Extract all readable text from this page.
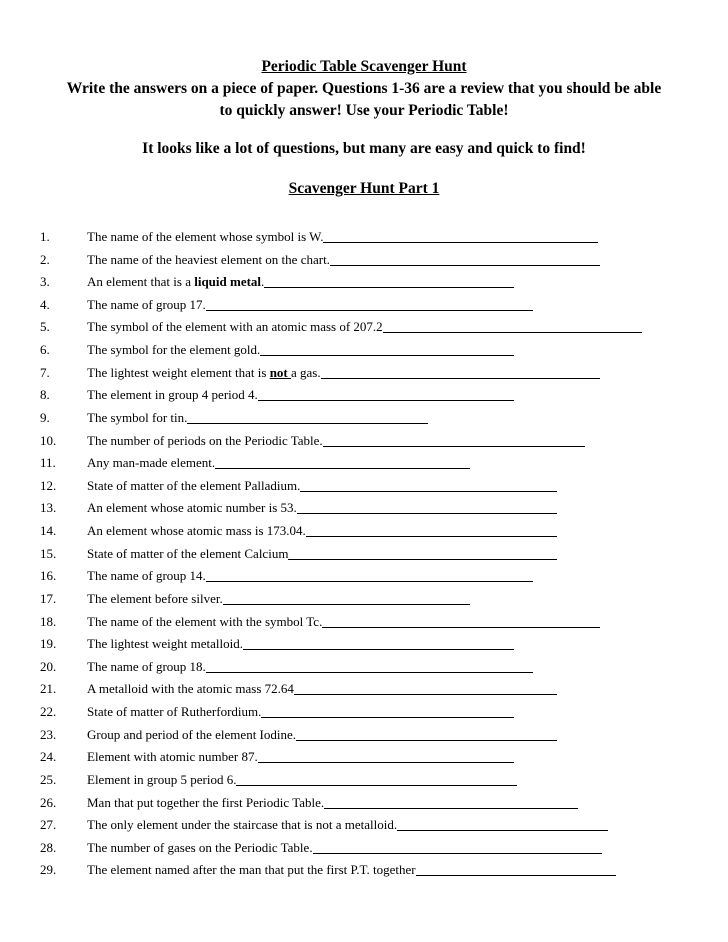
Periodic Table Scavenger Hunt
Write the answers on a piece of paper. Questions 1-36 are a review that you should be able
to quickly answer! Use your Periodic Table!
It looks like a lot of questions, but many are easy and quick to find!
Scavenger Hunt Part 1
1.	The name of the element whose symbol is W.
2.	The name of the heaviest element on the chart.
3.	An element that is a liquid metal.
4.	The name of group 17.
5.	The symbol of the element with an atomic mass of 207.2
6.	The symbol for the element gold.
7.	The lightest weight element that is not a gas.
8.	The element in group 4 period 4.
9.	The symbol for tin.
10.	The number of periods on the Periodic Table.
11.	Any man-made element.
12.	State of matter of the element Palladium.
13.	An element whose atomic number is 53.
14.	An element whose atomic mass is 173.04.
15.	State of matter of the element Calcium
16.	The name of group 14.
17.	The element before silver.
18.	The name of the element with the symbol Tc.
19.	The lightest weight metalloid.
20.	The name of group 18.
21.	A metalloid with the atomic mass 72.64
22.	State of matter of Rutherfordium.
23.	Group and period of the element Iodine.
24.	Element with atomic number 87.
25.	Element in group 5 period 6.
26.	Man that put together the first Periodic Table.
27.	The only element under the staircase that is not a metalloid.
28.	The number of gases on the Periodic Table.
29.	The element named after the man that put the first P.T. together
